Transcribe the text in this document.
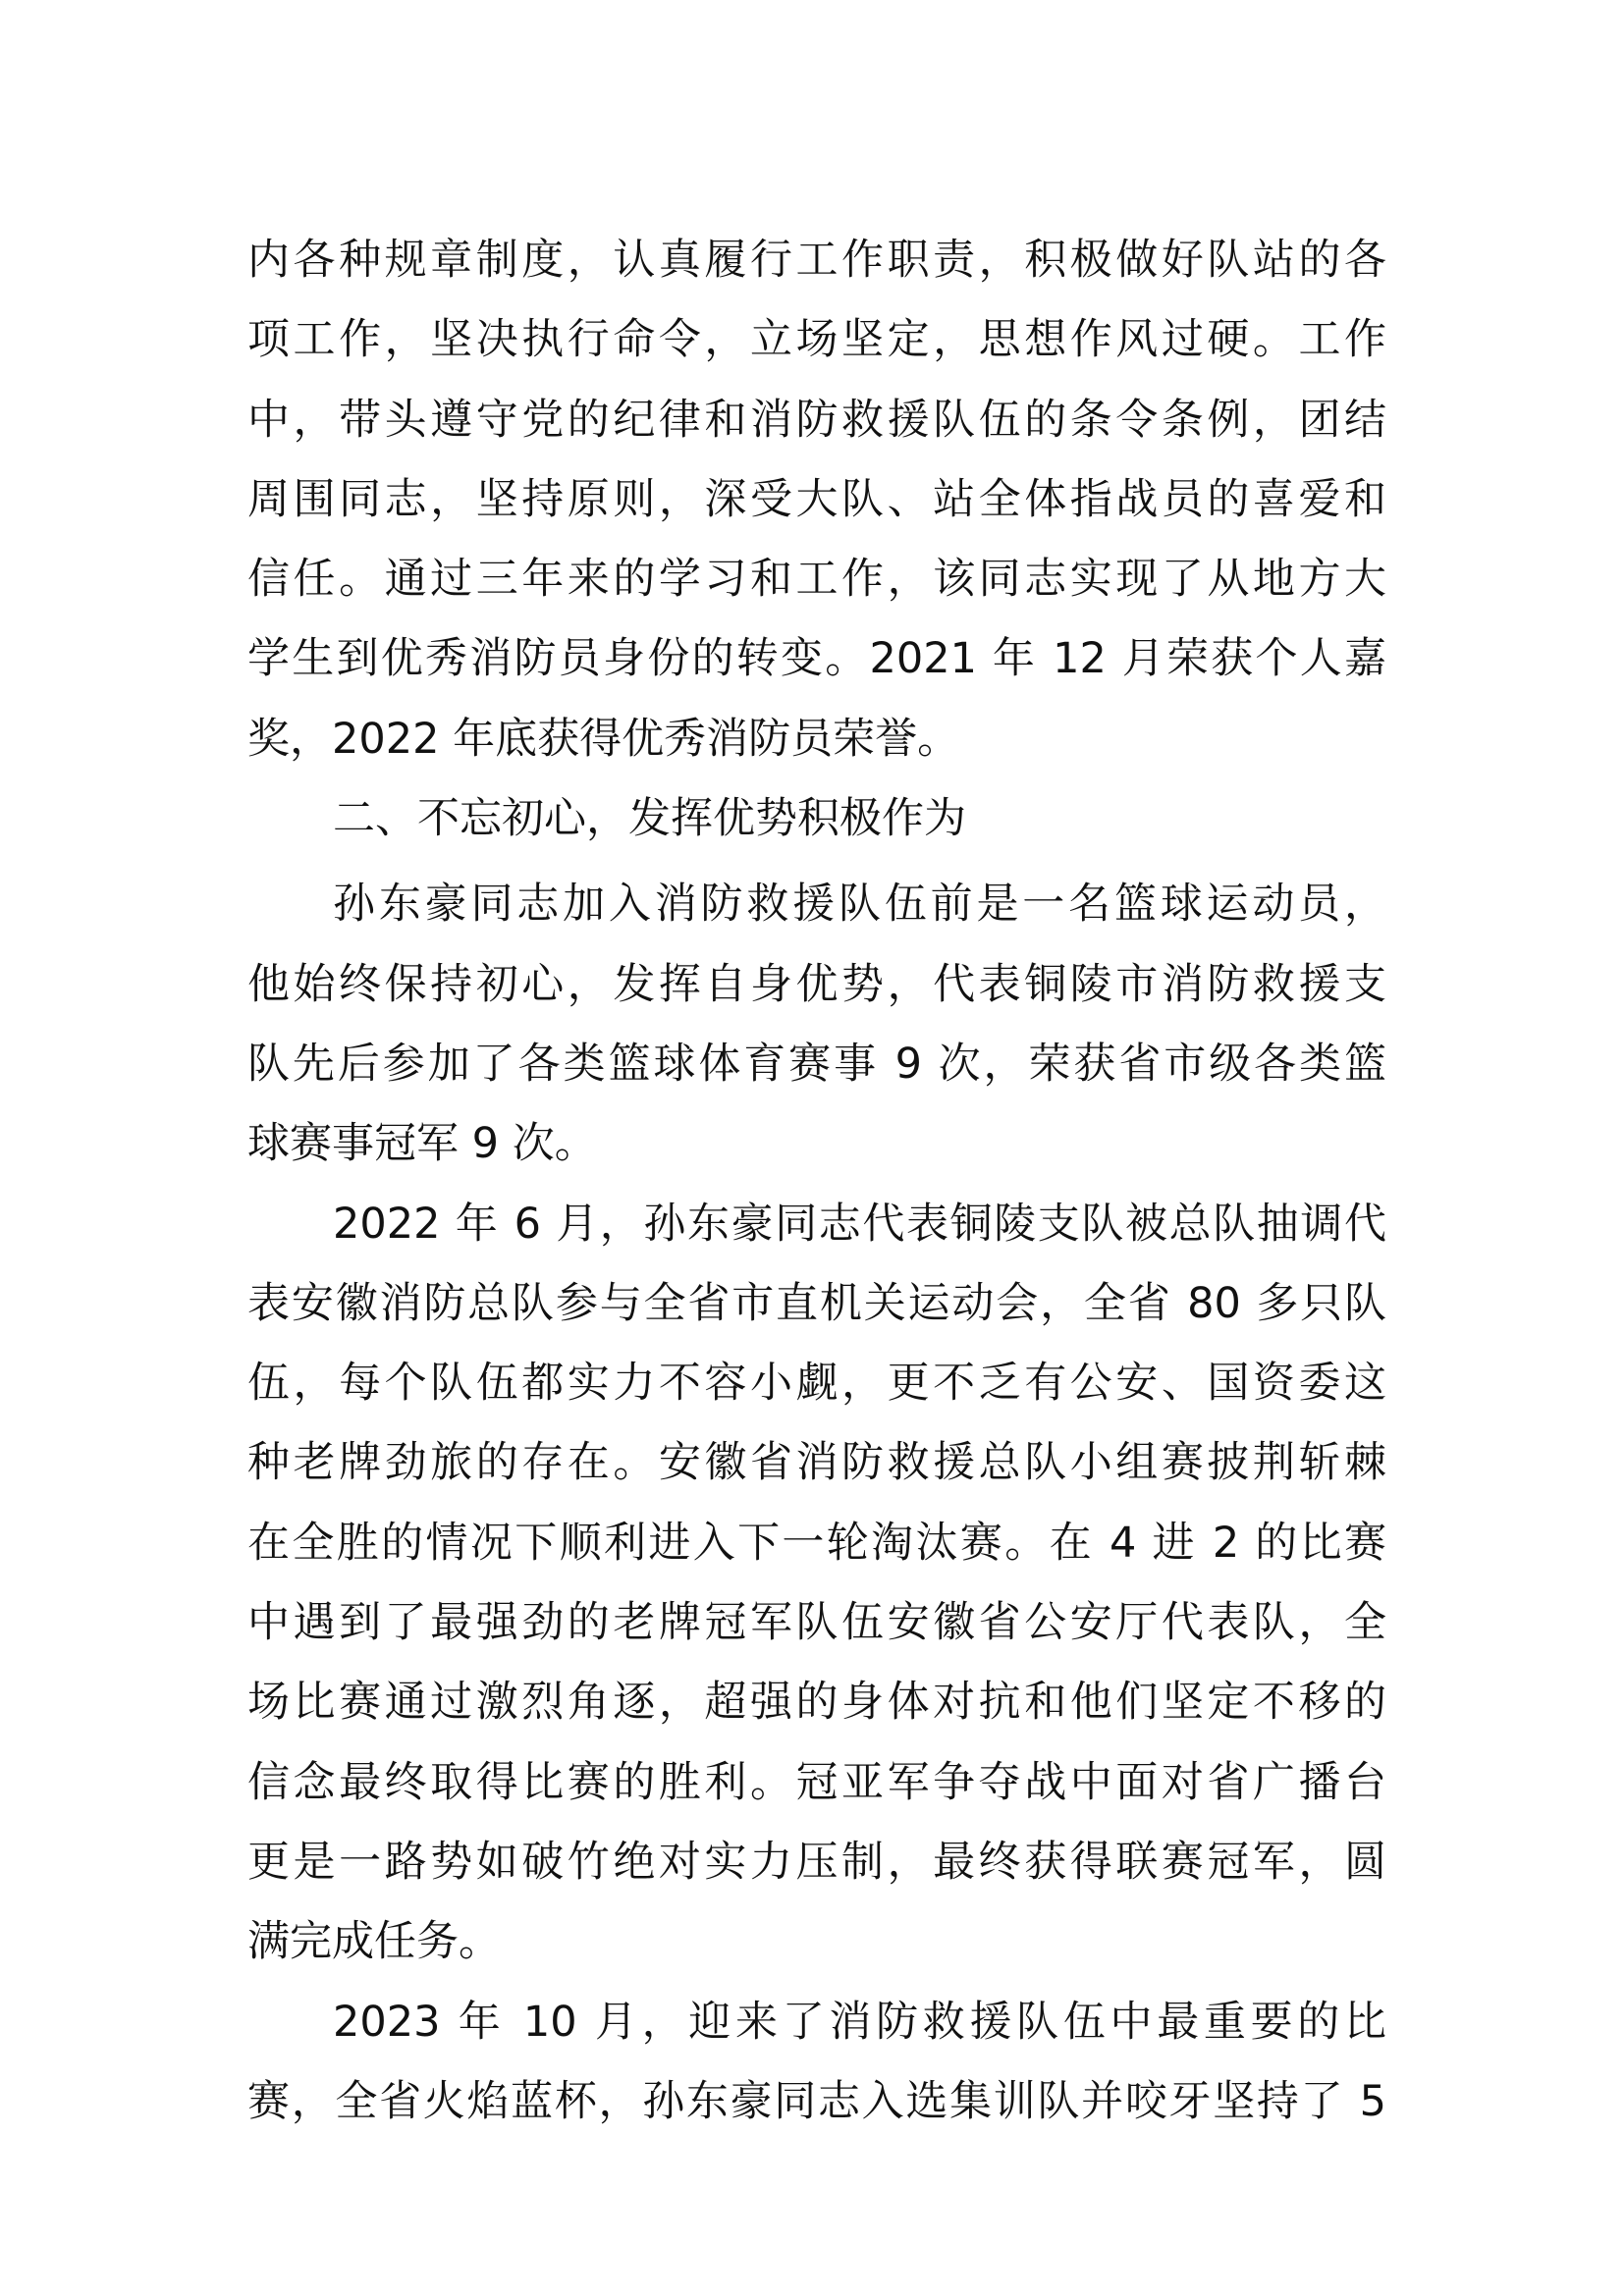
内各种规章制度，认真履行工作职责，积极做好队站的各
项工作，坚决执行命令，立场坚定，思想作风过硬。工作
中，带头遵守党的纪律和消防救援队伍的条令条例，团结
周围同志，坚持原则，深受大队、站全体指战员的喜爱和
信任。通过三年来的学习和工作，该同志实现了从地方大
学生到优秀消防员身份的转变。2021 年 12 月荣获个人嘉
奖，2022 年底获得优秀消防员荣誉。
二、不忘初心，发挥优势积极作为
孙东豪同志加入消防救援队伍前是一名篮球运动员，
他始终保持初心，发挥自身优势，代表铜陵市消防救援支
队先后参加了各类篮球体育赛事 9 次，荣获省市级各类篮
球赛事冠军 9 次。
2022 年 6 月，孙东豪同志代表铜陵支队被总队抽调代
表安徽消防总队参与全省市直机关运动会，全省 80 多只队
伍，每个队伍都实力不容小觑，更不乏有公安、国资委这
种老牌劲旅的存在。安徽省消防救援总队小组赛披荆斩棘
在全胜的情况下顺利进入下一轮淘汰赛。在 4 进 2 的比赛
中遇到了最强劲的老牌冠军队伍安徽省公安厅代表队，全
场比赛通过激烈角逐，超强的身体对抗和他们坚定不移的
信念最终取得比赛的胜利。冠亚军争夺战中面对省广播台
更是一路势如破竹绝对实力压制，最终获得联赛冠军，圆
满完成任务。
2023 年 10 月，迎来了消防救援队伍中最重要的比
赛，全省火焰蓝杯，孙东豪同志入选集训队并咬牙坚持了 5
